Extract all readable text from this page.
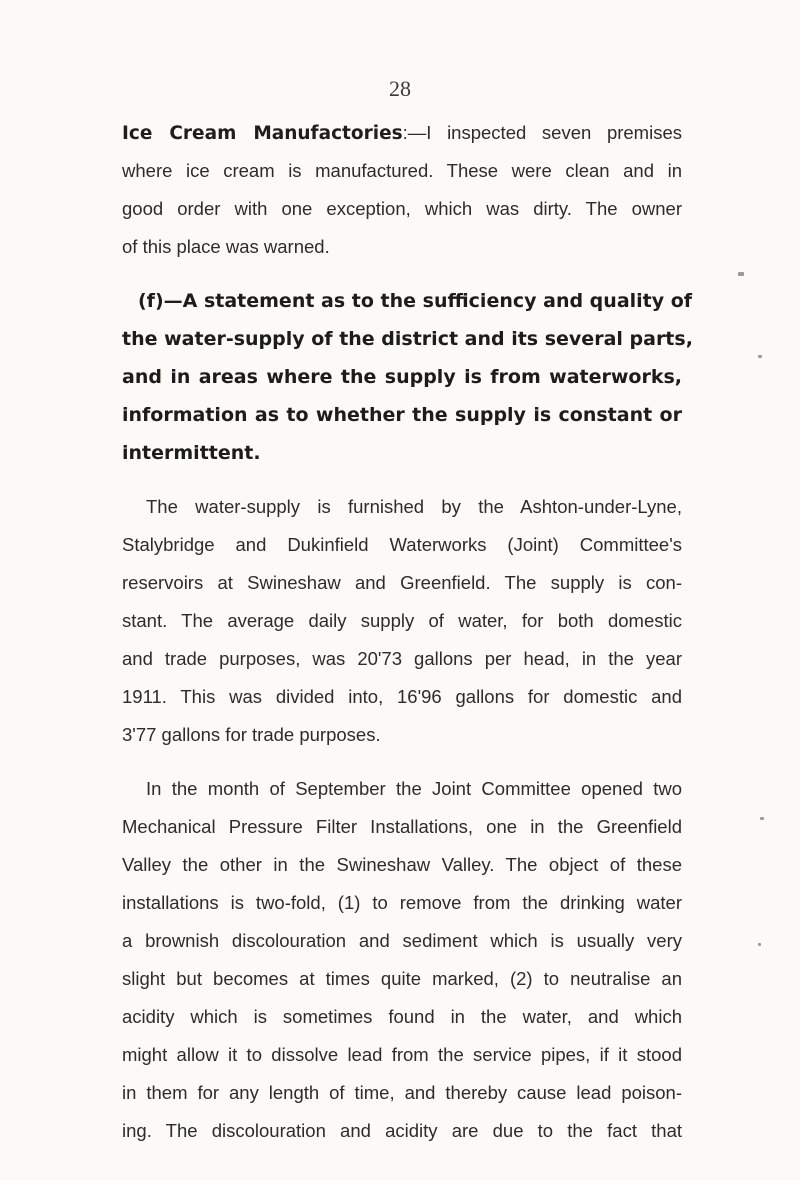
28
Ice Cream Manufactories:—I inspected seven premises
where ice cream is manufactured. These were clean and in
good order with one exception, which was dirty. The owner
of this place was warned.
(f)—A statement as to the sufficiency and quality of
the water-supply of the district and its several parts,
and in areas where the supply is from waterworks,
information as to whether the supply is constant or
intermittent.
The water-supply is furnished by the Ashton-under-Lyne,
Stalybridge and Dukinfield Waterworks (Joint) Committee's
reservoirs at Swineshaw and Greenfield. The supply is con-
stant. The average daily supply of water, for both domestic
and trade purposes, was 20'73 gallons per head, in the year
1911. This was divided into, 16'96 gallons for domestic and
3'77 gallons for trade purposes.
In the month of September the Joint Committee opened two
Mechanical Pressure Filter Installations, one in the Greenfield
Valley the other in the Swineshaw Valley. The object of these
installations is two-fold, (1) to remove from the drinking water
a brownish discolouration and sediment which is usually very
slight but becomes at times quite marked, (2) to neutralise an
acidity which is sometimes found in the water, and which
might allow it to dissolve lead from the service pipes, if it stood
in them for any length of time, and thereby cause lead poison-
ing. The discolouration and acidity are due to the fact that
